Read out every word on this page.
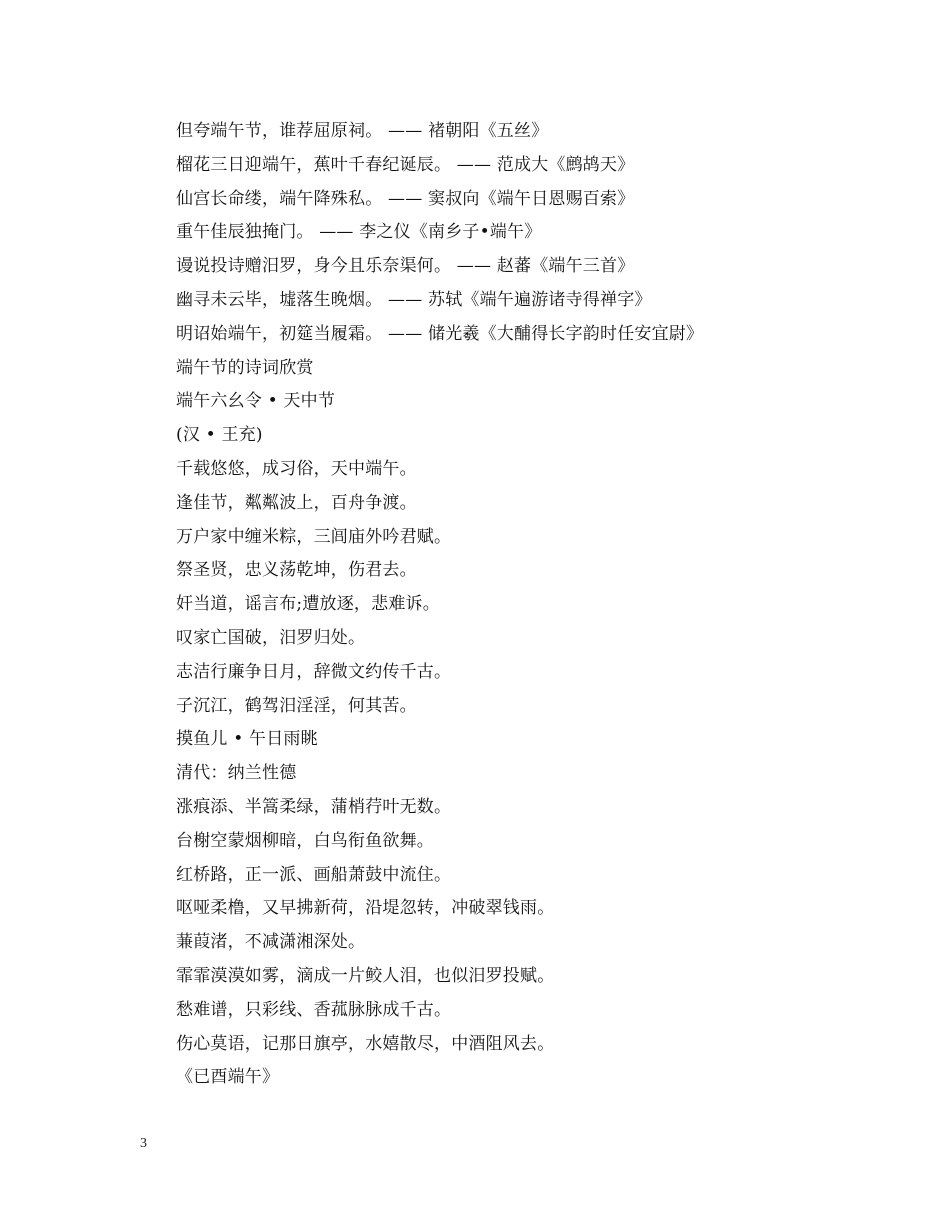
但夸端午节，谁荐屈原祠。 —— 褚朝阳《五丝》
榴花三日迎端午，蕉叶千春纪诞辰。 —— 范成大《鹧鸪天》
仙宫长命缕，端午降殊私。 —— 窦叔向《端午日恩赐百索》
重午佳辰独掩门。 —— 李之仪《南乡子•端午》
谩说投诗赠汨罗，身今且乐奈渠何。 —— 赵蕃《端午三首》
幽寻未云毕，墟落生晚烟。 —— 苏轼《端午遍游诸寺得禅字》
明诏始端午，初筵当履霜。 —— 储光羲《大酺得长字韵时任安宜尉》
端午节的诗词欣赏
端午六幺令 • 天中节
(汉 • 王充)
千载悠悠，成习俗，天中端午。
逢佳节，粼粼波上，百舟争渡。
万户家中缠米粽，三闾庙外吟君赋。
祭圣贤，忠义荡乾坤，伤君去。
奸当道，谣言布;遭放逐，悲难诉。
叹家亡国破，汨罗归处。
志洁行廉争日月，辞微文约传千古。
子沉江，鹤驾汨淫淫，何其苦。
摸鱼儿 • 午日雨眺
清代：纳兰性德
涨痕添、半篙柔绿，蒲梢荇叶无数。
台榭空蒙烟柳暗，白鸟衔鱼欲舞。
红桥路，正一派、画船萧鼓中流住。
呕哑柔橹，又早拂新荷，沿堤忽转，冲破翠钱雨。
蒹葭渚，不减潇湘深处。
霏霏漠漠如雾，滴成一片鲛人泪，也似汨罗投赋。
愁难谱，只彩线、香菰脉脉成千古。
伤心莫语，记那日旗亭，水嬉散尽，中酒阻风去。
《已酉端午》
3
